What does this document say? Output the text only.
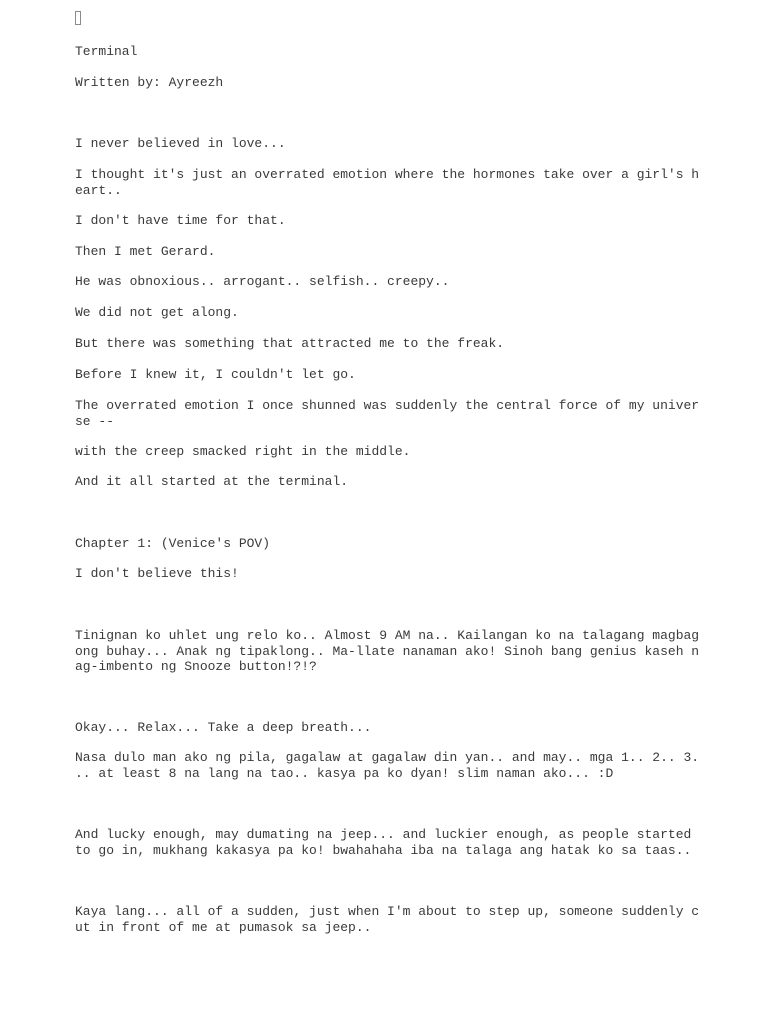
Terminal

Written by: Ayreezh

I never believed in love...

I thought it's just an overrated emotion where the hormones take over a girl's h
eart..

I don't have time for that.

Then I met Gerard.

He was obnoxious.. arrogant.. selfish.. creepy..

We did not get along.

But there was something that attracted me to the freak.

Before I knew it, I couldn't let go.

The overrated emotion I once shunned was suddenly the central force of my univer
se --

with the creep smacked right in the middle.

And it all started at the terminal.

Chapter 1: (Venice's POV)

I don't believe this!

Tinignan ko uhlet ung relo ko.. Almost 9 AM na.. Kailangan ko na talagang magbag
ong buhay... Anak ng tipaklong.. Ma-llate nanaman ako! Sinoh bang genius kaseh n
ag-imbento ng Snooze button!?!?

Okay... Relax... Take a deep breath...

Nasa dulo man ako ng pila, gagalaw at gagalaw din yan.. and may.. mga 1.. 2.. 3.
.. at least 8 na lang na tao.. kasya pa ko dyan! slim naman ako... :D

And lucky enough, may dumating na jeep... and luckier enough, as people started
to go in, mukhang kakasya pa ko! bwahahaha iba na talaga ang hatak ko sa taas..

Kaya lang... all of a sudden, just when I'm about to step up, someone suddenly c
ut in front of me at pumasok sa jeep..
